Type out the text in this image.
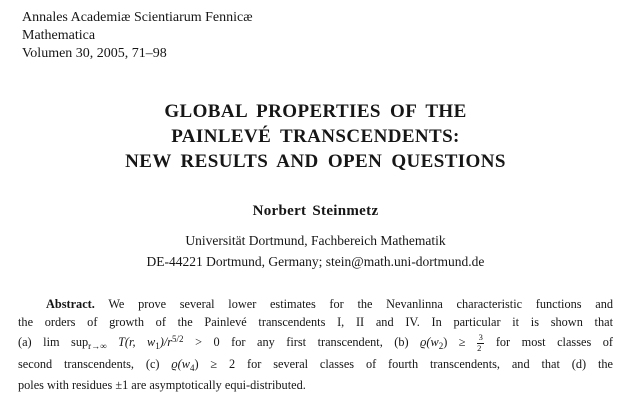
Annales Academiæ Scientiarum Fennicæ
Mathematica
Volumen 30, 2005, 71–98
GLOBAL PROPERTIES OF THE
PAINLEVÉ TRANSCENDENTS:
NEW RESULTS AND OPEN QUESTIONS
Norbert Steinmetz
Universität Dortmund, Fachbereich Mathematik
DE-44221 Dortmund, Germany; stein@math.uni-dortmund.de
Abstract. We prove several lower estimates for the Nevanlinna characteristic functions and
the orders of growth of the Painlevé transcendents I, II and IV. In particular it is shown that
(a) lim sup$_{r\to\infty}$ T(r, $w_1)/r^{5/2} > 0$ for any first transcendent, (b) $ϱ(w_2) \ge \frac{3}{2}$ for most classes of
second transcendents, (c) $ϱ(w_4) \ge 2$ for several classes of fourth transcendents, and that (d) the
poles with residues ±1 are asymptotically equi-distributed.
